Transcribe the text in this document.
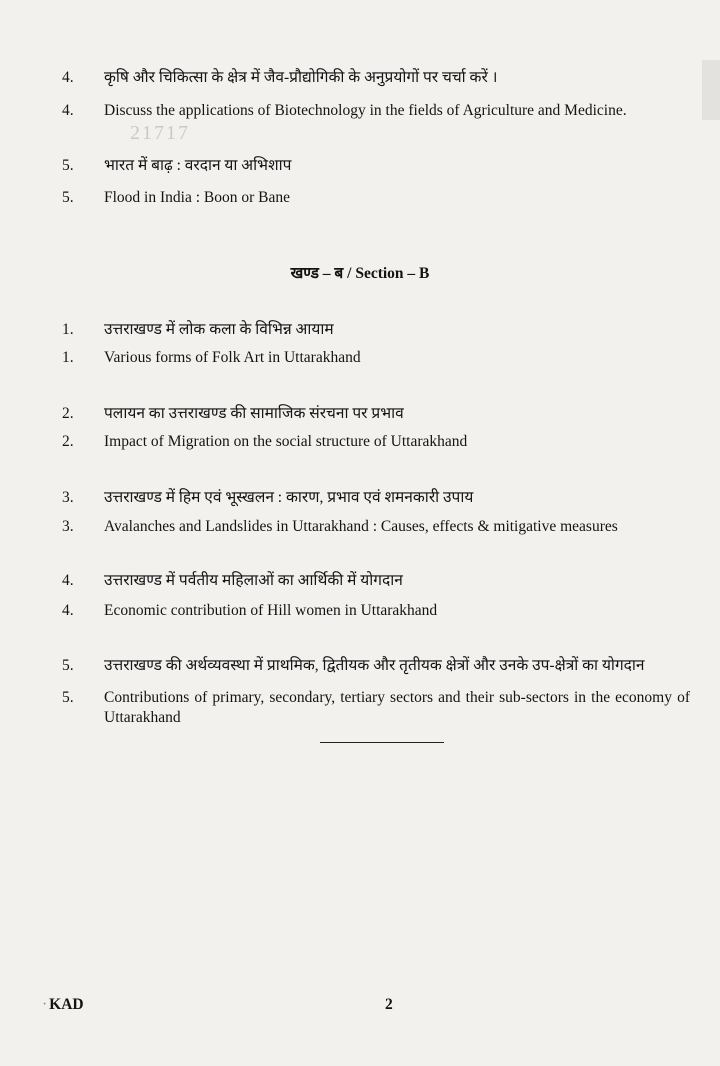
4.	कृषि और चिकित्सा के क्षेत्र में जैव-प्रौद्योगिकी के अनुप्रयोगों पर चर्चा करें ।
4.	Discuss the applications of Biotechnology in the fields of Agriculture and Medicine.
21717
5.	भारत में बाढ़ : वरदान या अभिशाप
5.	Flood in India : Boon or Bane
खण्ड – ब / Section – B
1.	उत्तराखण्ड में लोक कला के विभिन्न आयाम
1.	Various forms of Folk Art in Uttarakhand
2.	पलायन का उत्तराखण्ड की सामाजिक संरचना पर प्रभाव
2.	Impact of Migration on the social structure of Uttarakhand
3.	उत्तराखण्ड में हिम एवं भूस्खलन : कारण, प्रभाव एवं शमनकारी उपाय
3.	Avalanches and Landslides in Uttarakhand : Causes, effects & mitigative measures
4.	उत्तराखण्ड में पर्वतीय महिलाओं का आर्थिकी में योगदान
4.	Economic contribution of Hill women in Uttarakhand
5.	उत्तराखण्ड की अर्थव्यवस्था में प्राथमिक, द्वितीयक और तृतीयक क्षेत्रों और उनके उप-क्षेत्रों का योगदान
5.	Contributions of primary, secondary, tertiary sectors and their sub-sectors in the economy of Uttarakhand
· KAD	2
